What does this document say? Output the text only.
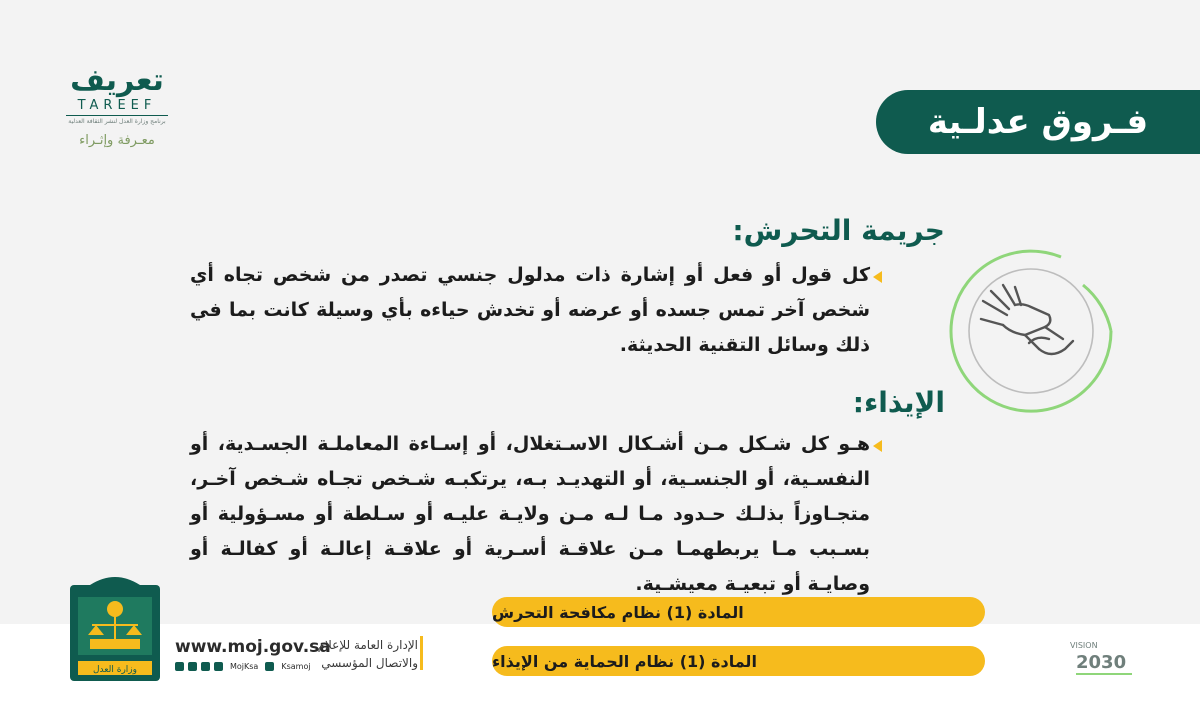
تعريف
TAREEF
برنامج وزارة العدل لنشر الثقافة العدلية
معـرفة وإثـراء	فـروق عدلـية
جريمة التحرش:
كل قول أو فعل أو إشارة ذات مدلول جنسي تصدر من شخص تجاه أي شخص آخر تمس جسده أو عرضه أو تخدش حياءه بأي وسيلة كانت بما في ذلك وسائل التقنية الحديثة.
الإيذاء:
هـو كل شـكل مـن أشـكال الاسـتغلال، أو إسـاءة المعاملـة الجسـدية، أو النفسـية، أو الجنسـية، أو التهديـد بـه، يرتكبـه شـخص تجـاه شـخص آخـر، متجـاوزاً بذلـك حـدود مـا لـه مـن ولايـة عليـه أو سـلطة أو مسـؤولية أو بسـبب مـا يربطهمـا مـن علاقـة أسـرية أو علاقـة إعالـة أو كفالـة أو وصايـة أو تبعيـة معيشـية.
وزارة العدل
www.moj.gov.sa
MojKsa	Ksamoj
الإدارة العامة للإعلام
والاتصال المؤسسي
المادة (1) نظام مكافحة التحرش
المادة (1) نظام الحماية من الإيذاء
VISION
2030
